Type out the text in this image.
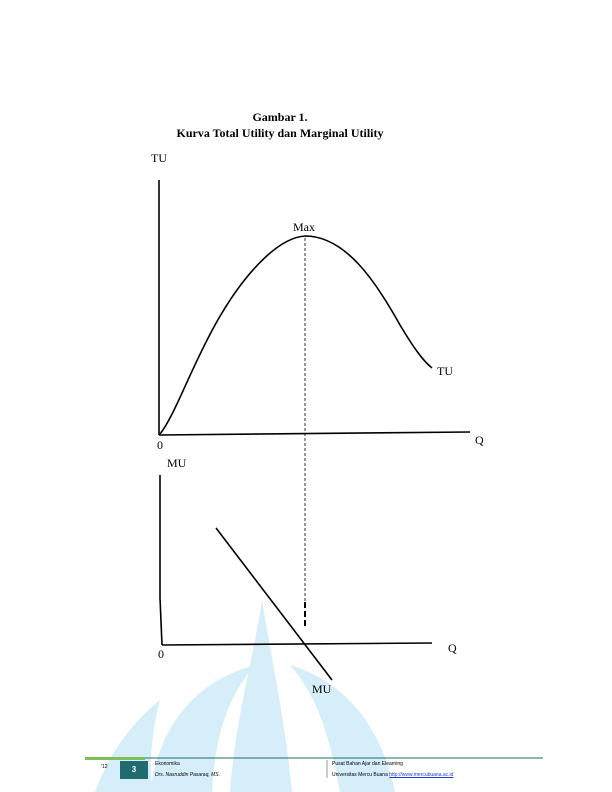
Gambar 1.
Kurva Total Utility dan Marginal Utility
TU
Max
TU
0	Q
MU
0	Q
MU
'12	3
Ekonomika
Drs. Nasruddin Pasaraq, MS.
Pusat Bahan Ajar dan Elearning
Universitas Mercu Buana http://www.mercubuana.ac.id
